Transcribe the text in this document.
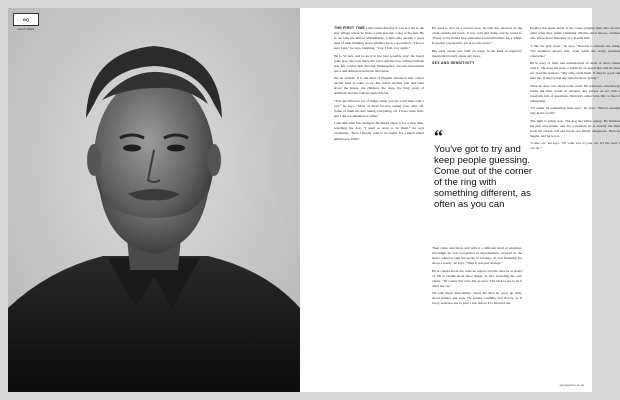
GQ
FEATURES	THE FIRST TIME I met James Purefoy it was in a bar in the tiny village where he lives, a pint in hand, a dog at his feet. He is, he tells me almost immediately, a man who spends a good deal of time thinking about whether he is a good man. "I'm not sure I am," he says, laughing. "I try. I fail. I try again."

He is 54 now and looks it in the best possible way: the beard gone grey, the eyes lined, the voice still the low, rolling baritone that has carried him through Shakespeare, swords-and-sandals epics and American network television.

We sit outside. It is the kind of English afternoon that cannot decide what it wants to be. He orders another pint and talks about the house, the children, the dogs, the long years of auditions and the roles he turned down.

"You get offered a lot of things when you are a tall man with a jaw," he says. "Most of them involve taking your shirt off. Some of them involve taking everything off. I have done both, and I am not ashamed of either."

I ask him what has changed. He thinks about it for a long time, watching the dog. "I used to want to be liked," he says eventually. "Now I mostly want to be useful. It's a much easier ambition to fulfil."

He used to live on a narrow boat, he tells me, moored on the canal outside the town. It was cold and damp and he loved it. "Every actor should live somewhere uncomfortable for a while. It teaches you that the job is not the point."

His early career was built on stage, in the kind of repertory theatre that barely exists any more.

SEX AND SENSITIVITY
“
You've got to try and keep people guessing. Come out of the corner of the ring with something different, as often as you can

Then came television, and with it a different kind of attention. Overnight he was recognised in supermarkets, stopped in the street, asked to sign the backs of receipts. "It was flattering for about a week," he says. "Then it was just strange."

He is candid about the roles he regrets and the ones he is proud of. He is candid about most things, in fact, including his own vanity. "Of course I'm vain. I'm an actor. The trick is not to let it drive the car."

We talk about masculinity, about the men he grew up with, about fathers and sons. He speaks carefully and slowly, as if every sentence has to pass a test before it is allowed out.

Purefoy has spent much of his career playing men who are not quite what they seem: charming villains, tired heroes, soldiers who know more than they say. It suits him.

"I like the grey areas," he says. "Nobody is entirely one thing. The audience knows that, even when the script pretends otherwise."

He is wary of fame and unimpressed by most of what comes with it. He does not have a publicist on speed dial and he does not read his reviews. "My wife reads them. If they're good she tells me. If they're bad she tells me more gently."

What he does care about is the work. He rehearses obsessively, learns his lines weeks in advance and arrives on set with a notebook full of questions. Directors either love this or find it exhausting.

"I'd rather be exhausting than lazy," he says. "There's enough lazy in the world."

The light is going now. The dog has fallen asleep. He finishes his pint and stands, and for a moment he is exactly the man from the screen, tall and broad and faintly dangerous. Then he laughs, and he is not.

"Come on," he says. "I'll walk you to your car. It's the least I can do."

gqmagazine.co.uk
